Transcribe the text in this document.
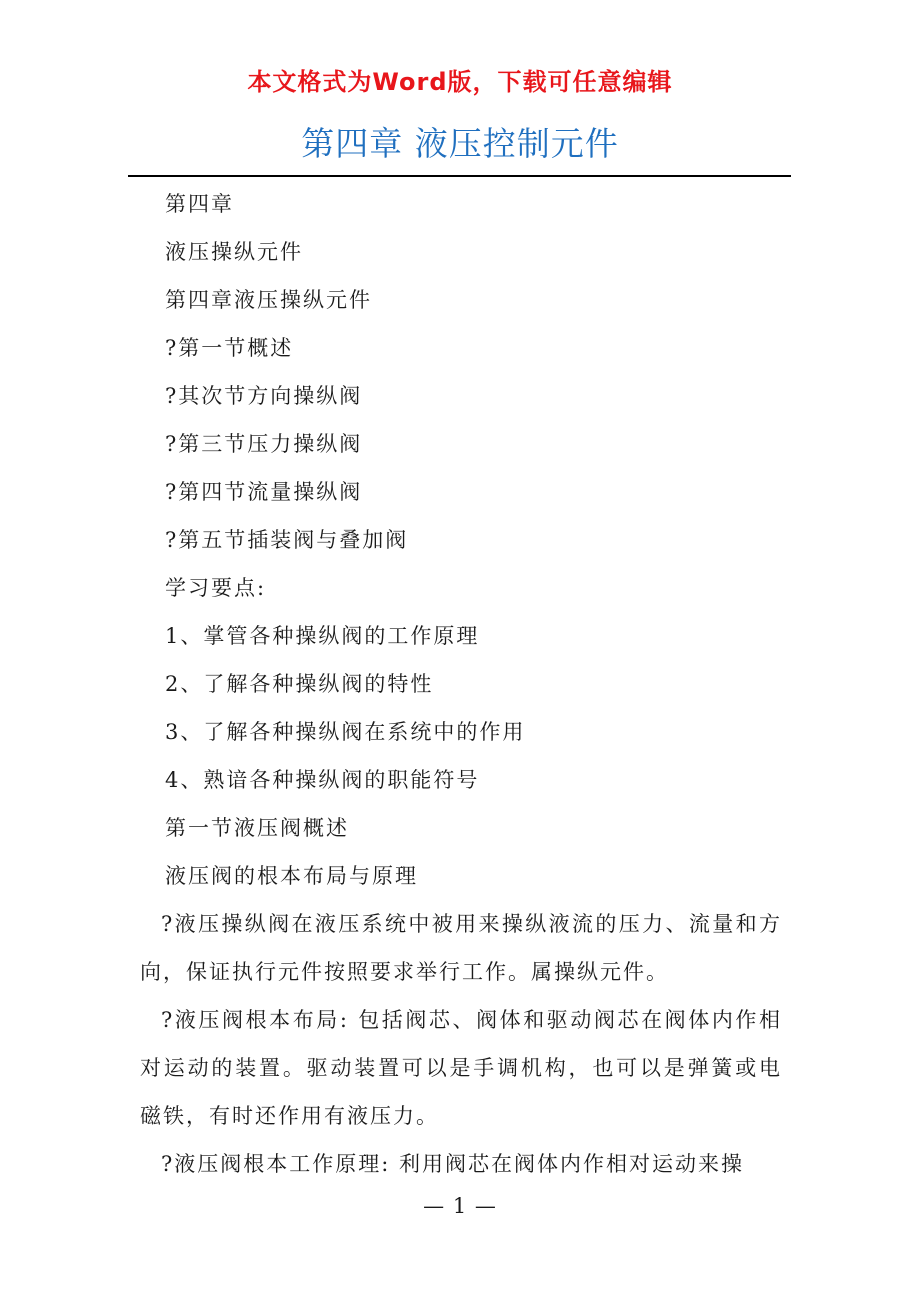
本文格式为Word版，下载可任意编辑
第四章 液压控制元件

第四章

液压操纵元件

第四章液压操纵元件

?第一节概述

?其次节方向操纵阀

?第三节压力操纵阀

?第四节流量操纵阀

?第五节插装阀与叠加阀

学习要点:

1、掌管各种操纵阀的工作原理

2、了解各种操纵阀的特性

3、了解各种操纵阀在系统中的作用

4、熟谙各种操纵阀的职能符号

第一节液压阀概述

液压阀的根本布局与原理

?液压操纵阀在液压系统中被用来操纵液流的压力、流量和方向，保证执行元件按照要求举行工作。属操纵元件。

?液压阀根本布局: 包括阀芯、阀体和驱动阀芯在阀体内作相对运动的装置。驱动装置可以是手调机构，也可以是弹簧或电磁铁，有时还作用有液压力。

?液压阀根本工作原理: 利用阀芯在阀体内作相对运动来操

— 1 —
